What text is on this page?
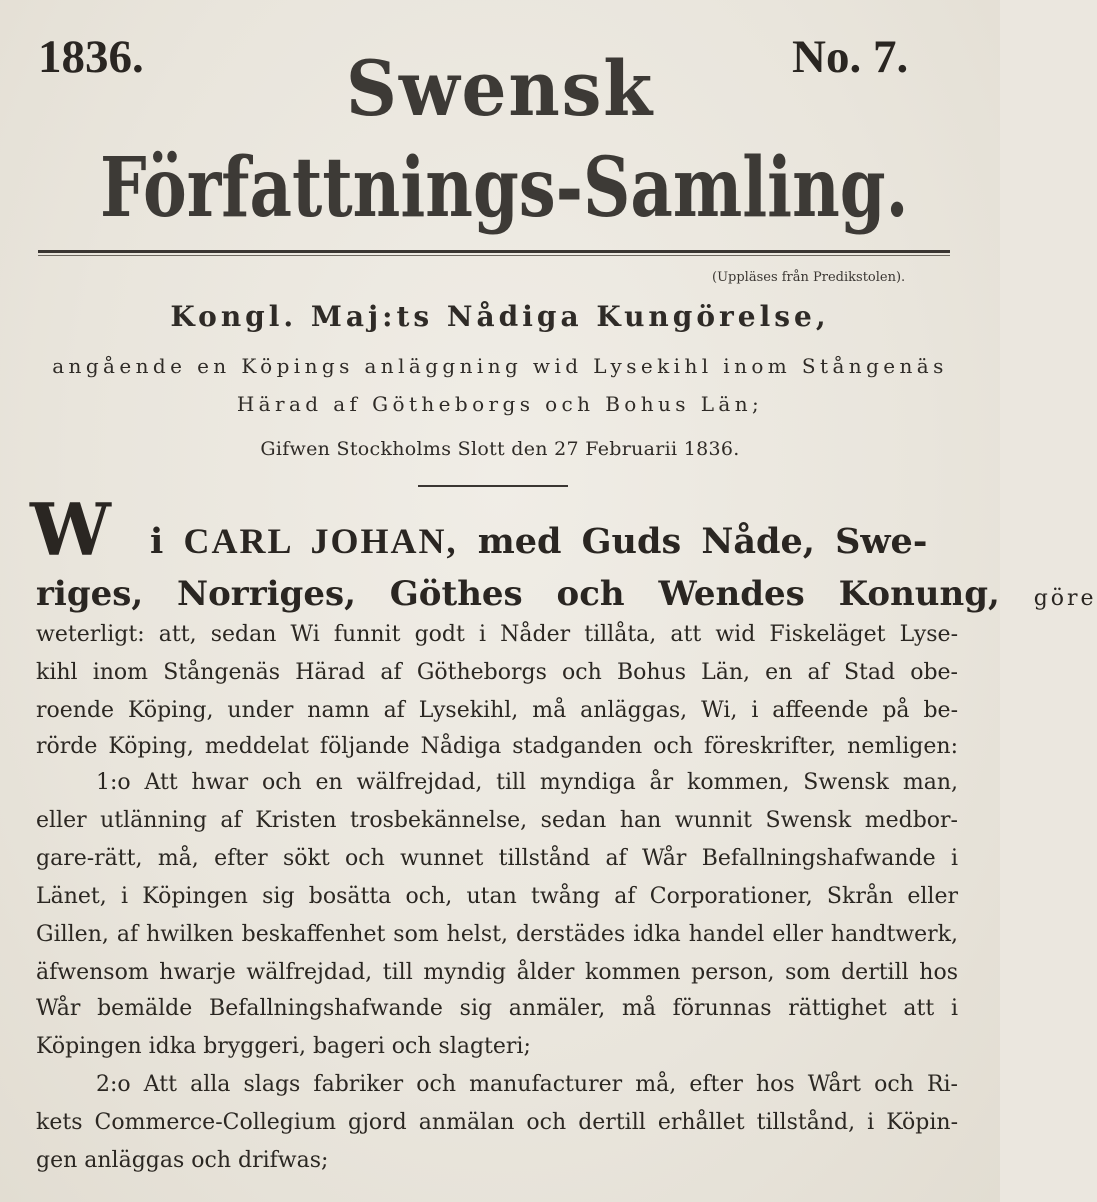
1836.	No. 7.
Swensk
Författnings-Samling.
(Uppläses från Predikstolen).
Kongl. Maj:ts Nådiga Kungörelse,
angående en Köpings anläggning wid Lysekihl inom Stångenäs
Härad af Götheborgs och Bohus Län;
Gifwen Stockholms Slott den 27 Februarii 1836.
W i CARL JOHAN, med Guds Nåde, Swe-
riges, Norriges, Göthes och Wendes Konung, göre
weterligt: att, sedan Wi funnit godt i Nåder tillåta, att wid Fiskeläget Lyse-
kihl inom Stångenäs Härad af Götheborgs och Bohus Län, en af Stad obe-
roende Köping, under namn af Lysekihl, må anläggas, Wi, i affeende på be-
rörde Köping, meddelat följande Nådiga stadganden och föreskrifter, nemligen:
1:o Att hwar och en wälfrejdad, till myndiga år kommen, Swensk man,
eller utlänning af Kristen trosbekännelse, sedan han wunnit Swensk medbor-
gare-rätt, må, efter sökt och wunnet tillstånd af Wår Befallningshafwande i
Länet, i Köpingen sig bosätta och, utan twång af Corporationer, Skrån eller
Gillen, af hwilken beskaffenhet som helst, derstädes idka handel eller handtwerk,
äfwensom hwarje wälfrejdad, till myndig ålder kommen person, som dertill hos
Wår bemälde Befallningshafwande sig anmäler, må förunnas rättighet att i
Köpingen idka bryggeri, bageri och slagteri;
2:o Att alla slags fabriker och manufacturer må, efter hos Wårt och Ri-
kets Commerce-Collegium gjord anmälan och dertill erhållet tillstånd, i Köpin-
gen anläggas och drifwas;
